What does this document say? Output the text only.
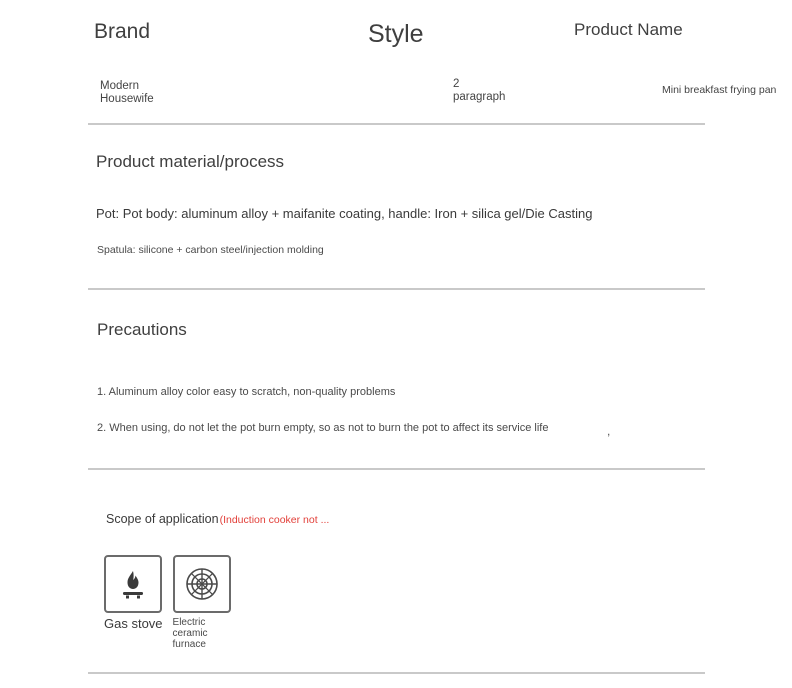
Brand
Modern Housewife
Style
2 paragraph
Product Name
Mini breakfast frying pan
Product material/process
Pot: Pot body: aluminum alloy + maifanite coating, handle: Iron + silica gel/Die Casting
Spatula: silicone + carbon steel/injection molding
Precautions
1. Aluminum alloy color easy to scratch, non-quality problems
2. When using, do not let the pot burn empty, so as not to burn the pot to affect its service life	,
Scope of application (Induction cooker not ...
Gas stove Electric ceramic furnace
